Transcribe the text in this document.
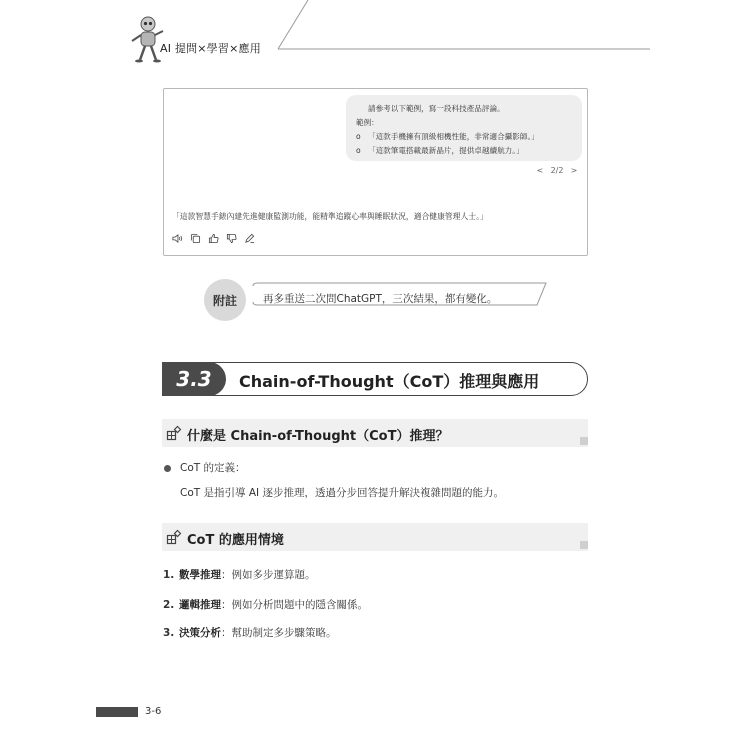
AI 提問×學習×應用
請參考以下範例，寫一段科技產品評論。
範例：
o 「這款手機擁有頂級相機性能，非常適合攝影師。」
o 「這款筆電搭載最新晶片，提供卓越續航力。」
< 2/2 >
「這款智慧手錶內建先進健康監測功能，能精準追蹤心率與睡眠狀況，適合健康管理人士。」
附註	再多重送二次問ChatGPT，三次結果，都有變化。
3.3	Chain-of-Thought（CoT）推理與應用
什麼是 Chain-of-Thought（CoT）推理？
CoT 的定義：
CoT 是指引導 AI 逐步推理，透過分步回答提升解決複雜問題的能力。
CoT 的應用情境
1. 數學推理：例如多步運算題。
2. 邏輯推理：例如分析問題中的隱含關係。
3. 決策分析：幫助制定多步驟策略。
3-6
